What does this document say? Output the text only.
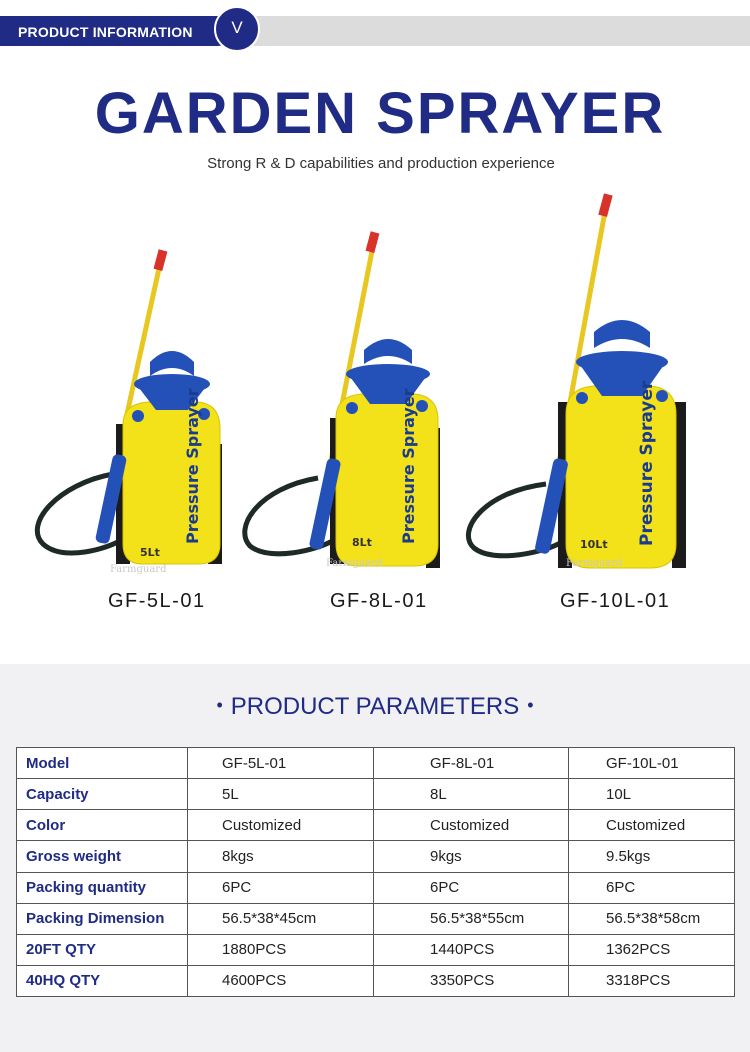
PRODUCT INFORMATION	V
GARDEN SPRAYER
Strong R & D capabilities and production experience
Pressure Sprayer
5Lt
Farmguard
GF-5L-01
Pressure Sprayer
8Lt
Farmguard
GF-8L-01
Pressure Sprayer
10Lt
Farmguard
GF-10L-01
• PRODUCT PARAMETERS •
Model	GF-5L-01	GF-8L-01	GF-10L-01
Capacity	5L	8L	10L
Color	Customized	Customized	Customized
Gross weight	8kgs	9kgs	9.5kgs
Packing quantity	6PC	6PC	6PC
Packing Dimension	56.5*38*45cm	56.5*38*55cm	56.5*38*58cm
20FT QTY	1880PCS	1440PCS	1362PCS
40HQ QTY	4600PCS	3350PCS	3318PCS
